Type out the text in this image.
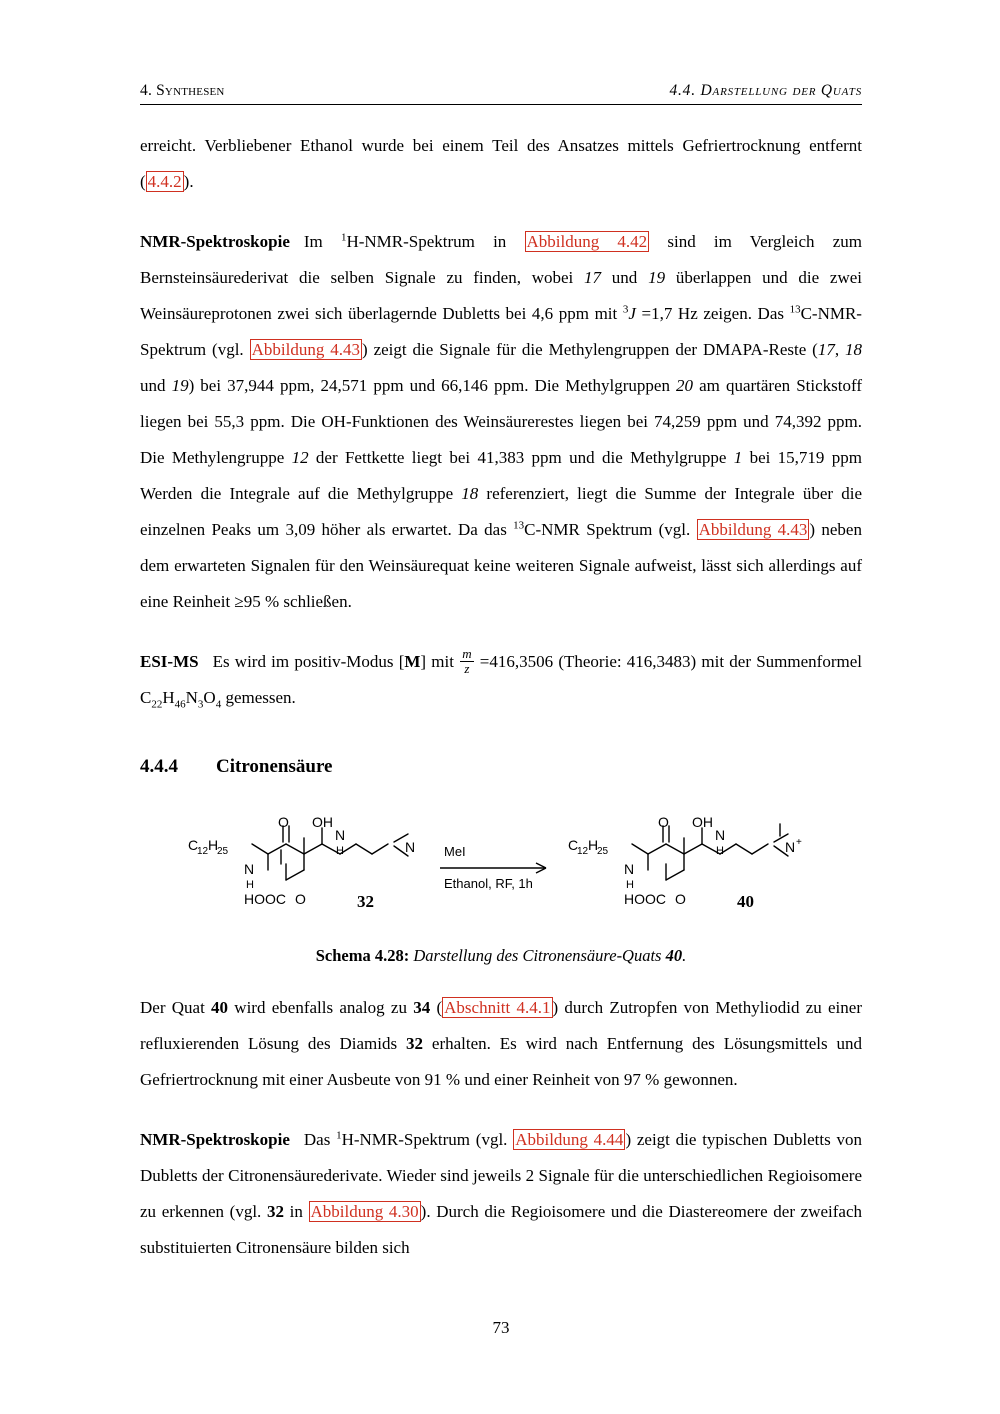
4. Synthesen	4.4. Darstellung der Quats

erreicht. Verbliebener Ethanol wurde bei einem Teil des Ansatzes mittels Gefriertrocknung entfernt ( 4.4.2 ).

NMR-Spektroskopie Im $^1$H-NMR-Spektrum in Abbildung 4.42 sind im Vergleich zum Bernsteinsäurederivat die selben Signale zu finden, wobei 17 und 19 überlappen und die zwei Weinsäureprotonen zwei sich überlagernde Dubletts bei 4,6 ppm mit $^3$J =1,7 Hz zeigen. Das $^{13}$C-NMR-Spektrum (vgl. Abbildung 4.43 ) zeigt die Signale für die Methylengruppen der DMAPA-Reste (17, 18 und 19) bei 37,944 ppm, 24,571 ppm und 66,146 ppm. Die Methylgruppen 20 am quartären Stickstoff liegen bei 55,3 ppm. Die OH-Funktionen des Weinsäurerestes liegen bei 74,259 ppm und 74,392 ppm. Die Methylengruppe 12 der Fettkette liegt bei 41,383 ppm und die Methylgruppe 1 bei 15,719 ppm Werden die Integrale auf die Methylgruppe 18 referenziert, liegt die Summe der Integrale über die einzelnen Peaks um 3,09 höher als erwartet. Da das $^{13}$C-NMR Spektrum (vgl. Abbildung 4.43 ) neben dem erwarteten Signalen für den Weinsäurequat keine weiteren Signale aufweist, lässt sich allerdings auf eine Reinheit ≥95 % schließen.

ESI-MS Es wird im positiv-Modus [M] mit $\frac{m}{z} =416,3506$ (Theorie: 416,3483) mit der Summenformel $C_{22}H_{46}N_3O_4$ gemessen.

4.4.4 Citronensäure
C
12 H
25
N
H
O OH
HOOC O
N
H	N
32
MeI
Ethanol, RF, 1h
C
12 H
25
N
H
O OH
HOOC O
N
H	N +
40
Schema 4.28: Darstellung des Citronensäure-Quats 40.

Der Quat 40 wird ebenfalls analog zu 34 ( Abschnitt 4.4.1 ) durch Zutropfen von Methyliodid zu einer refluxierenden Lösung des Diamids 32 erhalten. Es wird nach Entfernung des Lösungsmittels und Gefriertrocknung mit einer Ausbeute von 91 % und einer Reinheit von 97 % gewonnen.

NMR-Spektroskopie Das $^1$H-NMR-Spektrum (vgl. Abbildung 4.44 ) zeigt die typischen Dubletts von Dubletts der Citronensäurederivate. Wieder sind jeweils 2 Signale für die unterschiedlichen Regioisomere zu erkennen (vgl. 32 in Abbildung 4.30 ). Durch die Regioisomere und die Diastereomere der zweifach substituierten Citronensäure bilden sich

73
